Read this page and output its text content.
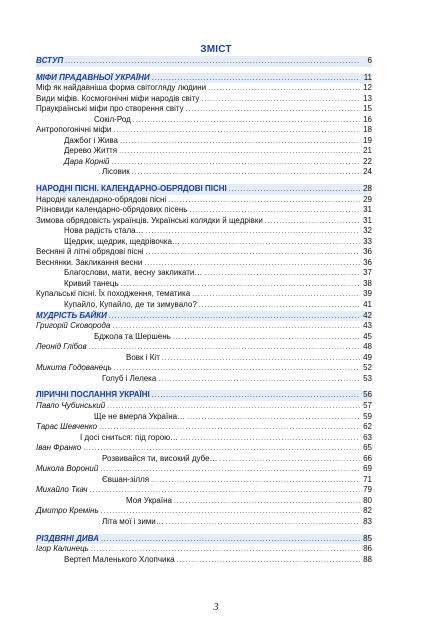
ЗМІСТ
ВСТУП . . .	6
МІФИ ПРАДАВНЬОЇ УКРАЇНИ . . .	11
Міф як найдавніша форма світогляду людини . . .	12
Види міфів. Космогонічні міфи народів світу . . .	13
Праукраїнські міфи про створення світу . . .	15
Сокіл-Род . . .	16
Антропогонічні міфи . . .	18
Дажбог і Жива . . .	19
Дерево Життя . . .	21
Дара Корній . . .	22
Лісовик . . .	24
НАРОДНІ ПІСНІ. КАЛЕНДАРНО-ОБРЯДОВІ ПІСНІ . . .	28
Народні календарно-обрядові пісні . . .	29
Різновиди календарно-обрядових пісень . . .	31
Зимова обрядовість українців. Українські колядки й щедрівки . . .	31
Нова радість стала… . . .	32
Щедрик, щедрик, щедрівочка… . . .	33
Весняні й літні обрядові пісні . . .	36
Веснянки. Закликання весни . . .	36
Благослови, мати, весну закликати… . . .	37
Кривий танець . . .	38
Купальські пісні. Їх походження, тематика . . .	39
Купайло, Купайло, де ти зимувало? . . .	41
МУДРІСТЬ БАЙКИ . . .	42
Григорій Сковорода . . .	43
Бджола та Шершень . . .	45
Леонід Глібов . . .	48
Вовк і Кіт . . .	49
Микита Годованець . . .	52
Голуб і Лелека . . .	53
ЛІРИЧНІ ПОСЛАННЯ УКРАЇНІ . . .	56
Павло Чубинський . . .	57
Ще не вмерла Україна… . . .	59
Тарас Шевченко . . .	62
І досі сниться: під горою… . . .	63
Іван Франко . . .	65
Розвивайся ти, високий дубе… . . .	66
Микола Вороний . . .	69
Євшан-зілля . . .	71
Михайло Ткач . . .	79
Моя Україна . . .	80
Дмитро Кремінь . . .	82
Літа мої і зими… . . .	83
РІЗДВЯНІ ДИВА . . .	85
Ігор Калинець . . .	86
Вертеп Маленького Хлопчика . . .	88
3
